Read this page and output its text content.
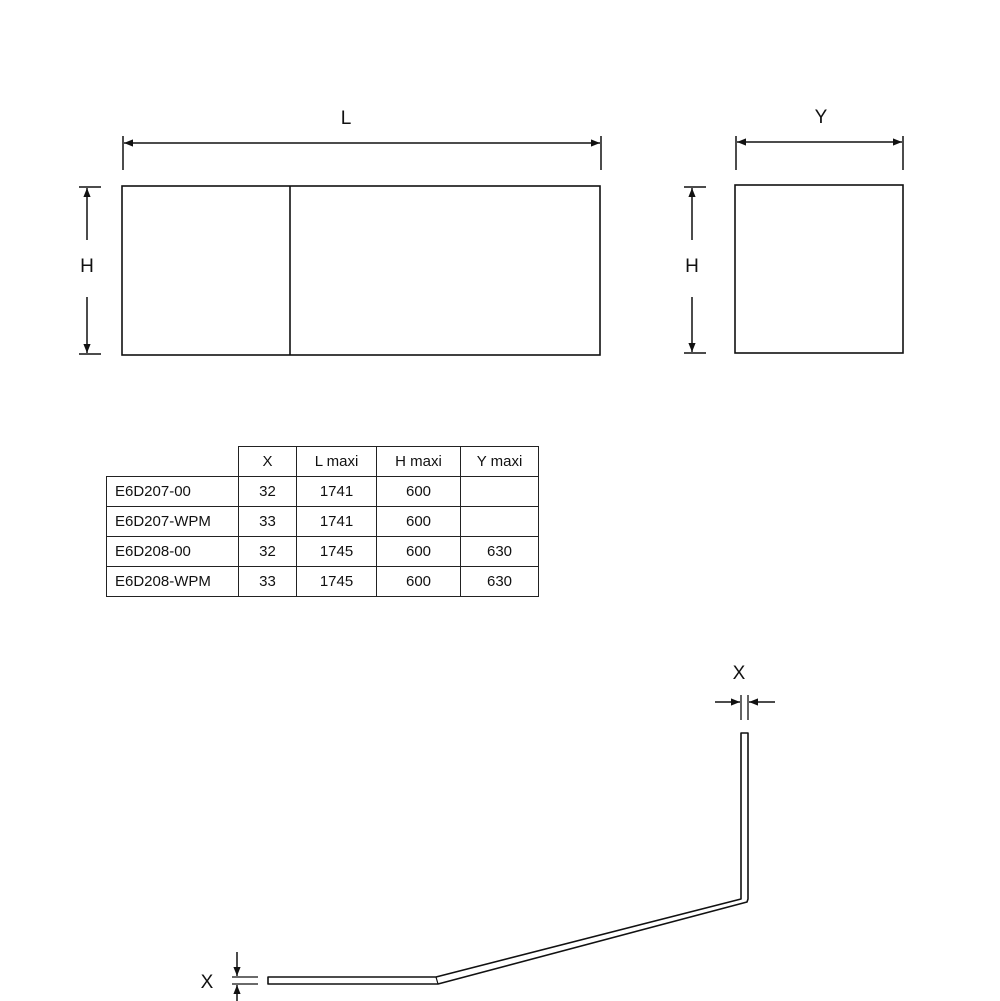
L
H
Y
H
X
X
	X	L maxi	H maxi	Y maxi
E6D207-00	32	1741	600	
E6D207-WPM	33	1741	600	
E6D208-00	32	1745	600	630
E6D208-WPM	33	1745	600	630
